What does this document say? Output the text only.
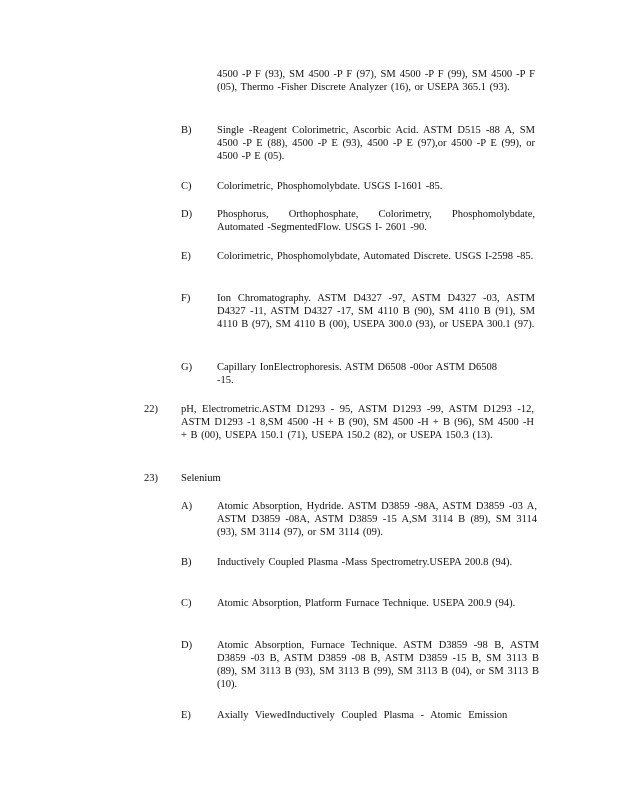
4500 -P F (93), SM 4500 -P F (97), SM 4500 -P F (99), SM 4500 -P F (05), Thermo -Fisher Discrete Analyzer (16), or USEPA 365.1 (93).
B) Single -Reagent Colorimetric, Ascorbic Acid. ASTM D515 -88 A, SM 4500 -P E (88), 4500 -P E (93), 4500 -P E (97),or 4500 -P E (99), or 4500 -P E (05).
C) Colorimetric, Phosphomolybdate. USGS I-1601 -85.
D) Phosphorus, Orthophosphate, Colorimetry, Phosphomolybdate, Automated -SegmentedFlow. USGS I- 2601 -90.
E) Colorimetric, Phosphomolybdate, Automated Discrete. USGS I-2598 -85.
F)	Ion Chromatography. ASTM D4327 -97, ASTM D4327 -03, ASTM D4327 -11, ASTM D4327 -17, SM 4110 B (90), SM 4110 B (91), SM 4110 B (97), SM 4110 B (00), USEPA 300.0 (93), or USEPA 300.1 (97).
G) Capillary IonElectrophoresis. ASTM D6508 -00or ASTM D6508 -15.
22) pH, Electrometric.ASTM D1293 - 95, ASTM D1293 -99, ASTM D1293 -12, ASTM D1293 -1 8,SM 4500 -H + B (90), SM 4500 -H + B (96), SM 4500 -H + B (00), USEPA 150.1 (71), USEPA 150.2 (82), or USEPA 150.3 (13).
23) Selenium
A) Atomic Absorption, Hydride. ASTM D3859 -98A, ASTM D3859 -03 A, ASTM D3859 -08A, ASTM D3859 -15 A,SM 3114 B (89), SM 3114 (93), SM 3114 (97), or SM 3114 (09).
B) Inductively Coupled Plasma -Mass Spectrometry.USEPA 200.8 (94).
C) Atomic Absorption, Platform Furnace Technique. USEPA 200.9 (94).
D) Atomic Absorption, Furnace Technique. ASTM D3859 -98 B, ASTM D3859 -03 B, ASTM D3859 -08 B, ASTM D3859 -15 B, SM 3113 B (89), SM 3113 B (93), SM 3113 B (99), SM 3113 B (04), or SM 3113 B (10).
E) Axially ViewedInductively Coupled Plasma - Atomic Emission
